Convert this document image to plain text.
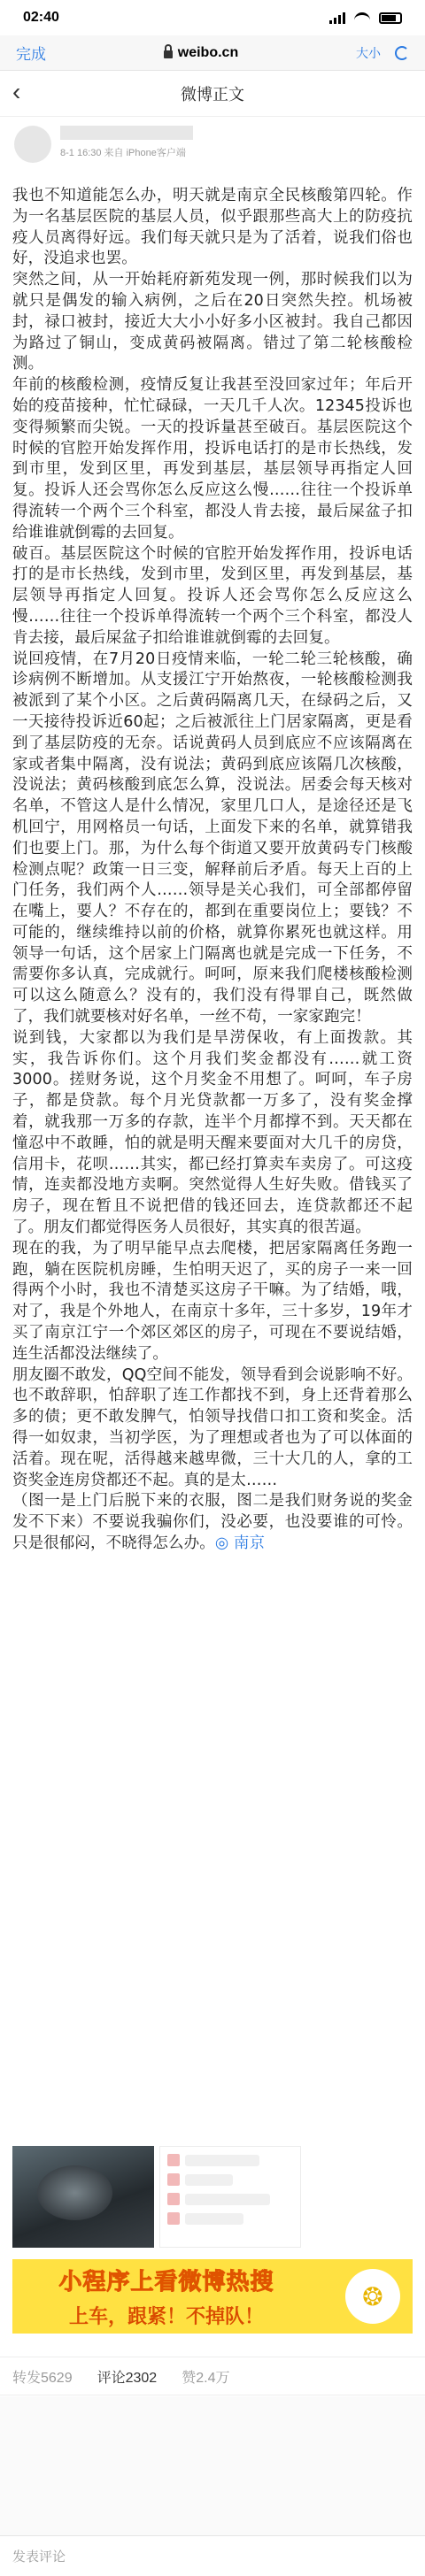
02:40
完成	weibo.cn	大小
‹	微博正文
8-1 16:30 来自 iPhone客户端

我也不知道能怎么办，明天就是南京全民核酸第四轮。作为一名基层医院的基层人员，似乎跟那些高大上的防疫抗疫人员离得好远。我们每天就只是为了活着，说我们俗也好，没追求也罢。

突然之间，从一开始耗府新苑发现一例，那时候我们以为就只是偶发的输入病例，之后在20日突然失控。机场被封，禄口被封，接近大大小小好多小区被封。我自己都因为路过了铜山，变成黄码被隔离。错过了第二轮核酸检测。

年前的核酸检测，疫情反复让我甚至没回家过年；年后开始的疫苗接种，忙忙碌碌，一天几千人次。12345投诉也变得频繁而尖锐。一天的投诉量甚至破百。基层医院这个时候的官腔开始发挥作用，投诉电话打的是市长热线，发到市里，发到区里，再发到基层，基层领导再指定人回复。投诉人还会骂你怎么反应这么慢……往往一个投诉单得流转一个两个三个科室，都没人肯去接，最后屎盆子扣给谁谁就倒霉的去回复。

破百。基层医院这个时候的官腔开始发挥作用，投诉电话打的是市长热线，发到市里，发到区里，再发到基层，基层领导再指定人回复。投诉人还会骂你怎么反应这么慢……往往一个投诉单得流转一个两个三个科室，都没人肯去接，最后屎盆子扣给谁谁就倒霉的去回复。

说回疫情，在7月20日疫情来临，一轮二轮三轮核酸，确诊病例不断增加。从支援江宁开始熬夜，一轮核酸检测我被派到了某个小区。之后黄码隔离几天，在绿码之后，又一天接待投诉近60起；之后被派往上门居家隔离，更是看到了基层防疫的无奈。话说黄码人员到底应不应该隔离在家或者集中隔离，没有说法；黄码到底应该隔几次核酸，没说法；黄码核酸到底怎么算，没说法。居委会每天核对名单，不管这人是什么情况，家里几口人，是途径还是飞机回宁，用网格员一句话，上面发下来的名单，就算错我们也要上门。那，为什么每个街道又要开放黄码专门核酸检测点呢？政策一日三变，解释前后矛盾。每天上百的上门任务，我们两个人……领导是关心我们，可全部都停留在嘴上，要人？不存在的，都到在重要岗位上；要钱？不可能的，继续维持以前的价格，就算你累死也就这样。用领导一句话，这个居家上门隔离也就是完成一下任务，不需要你多认真，完成就行。呵呵，原来我们爬楼核酸检测可以这么随意么？没有的，我们没有得罪自己，既然做了，我们就要核对好名单，一丝不苟，一家家跑完！

说到钱，大家都以为我们是旱涝保收，有上面拨款。其实，我告诉你们。这个月我们奖金都没有……就工资3000。搓财务说，这个月奖金不用想了。呵呵，车子房子，都是贷款。每个月光贷款都一万多了，没有奖金撑着，就我那一万多的存款，连半个月都撑不到。天天都在憧忍中不敢睡，怕的就是明天醒来要面对大几千的房贷，信用卡，花呗……其实，都已经打算卖车卖房了。可这疫情，连卖都没地方卖啊。突然觉得人生好失败。借钱买了房子，现在暂且不说把借的钱还回去，连贷款都还不起了。朋友们都觉得医务人员很好，其实真的很苦逼。

现在的我，为了明早能早点去爬楼，把居家隔离任务跑一跑，躺在医院机房睡，生怕明天迟了，买的房子一来一回得两个小时，我也不清楚买这房子干嘛。为了结婚，哦，对了，我是个外地人，在南京十多年，三十多岁，19年才买了南京江宁一个郊区郊区的房子，可现在不要说结婚，连生活都没法继续了。

朋友圈不敢发，QQ空间不能发，领导看到会说影响不好。也不敢辞职，怕辞职了连工作都找不到，身上还背着那么多的债；更不敢发脾气，怕领导找借口扣工资和奖金。活得一如奴隶，当初学医，为了理想或者也为了可以体面的活着。现在呢，活得越来越卑微，三十大几的人，拿的工资奖金连房贷都还不起。真的是太……

（图一是上门后脱下来的衣服，图二是我们财务说的奖金发不下来）不要说我骗你们，没必要，也没要谁的可怜。只是很郁闷，不晓得怎么办。◎ 南京

小程序上看微博热搜
上车，跟紧！不掉队！
❂
转发5629 评论2302 赞2.4万
发表评论
